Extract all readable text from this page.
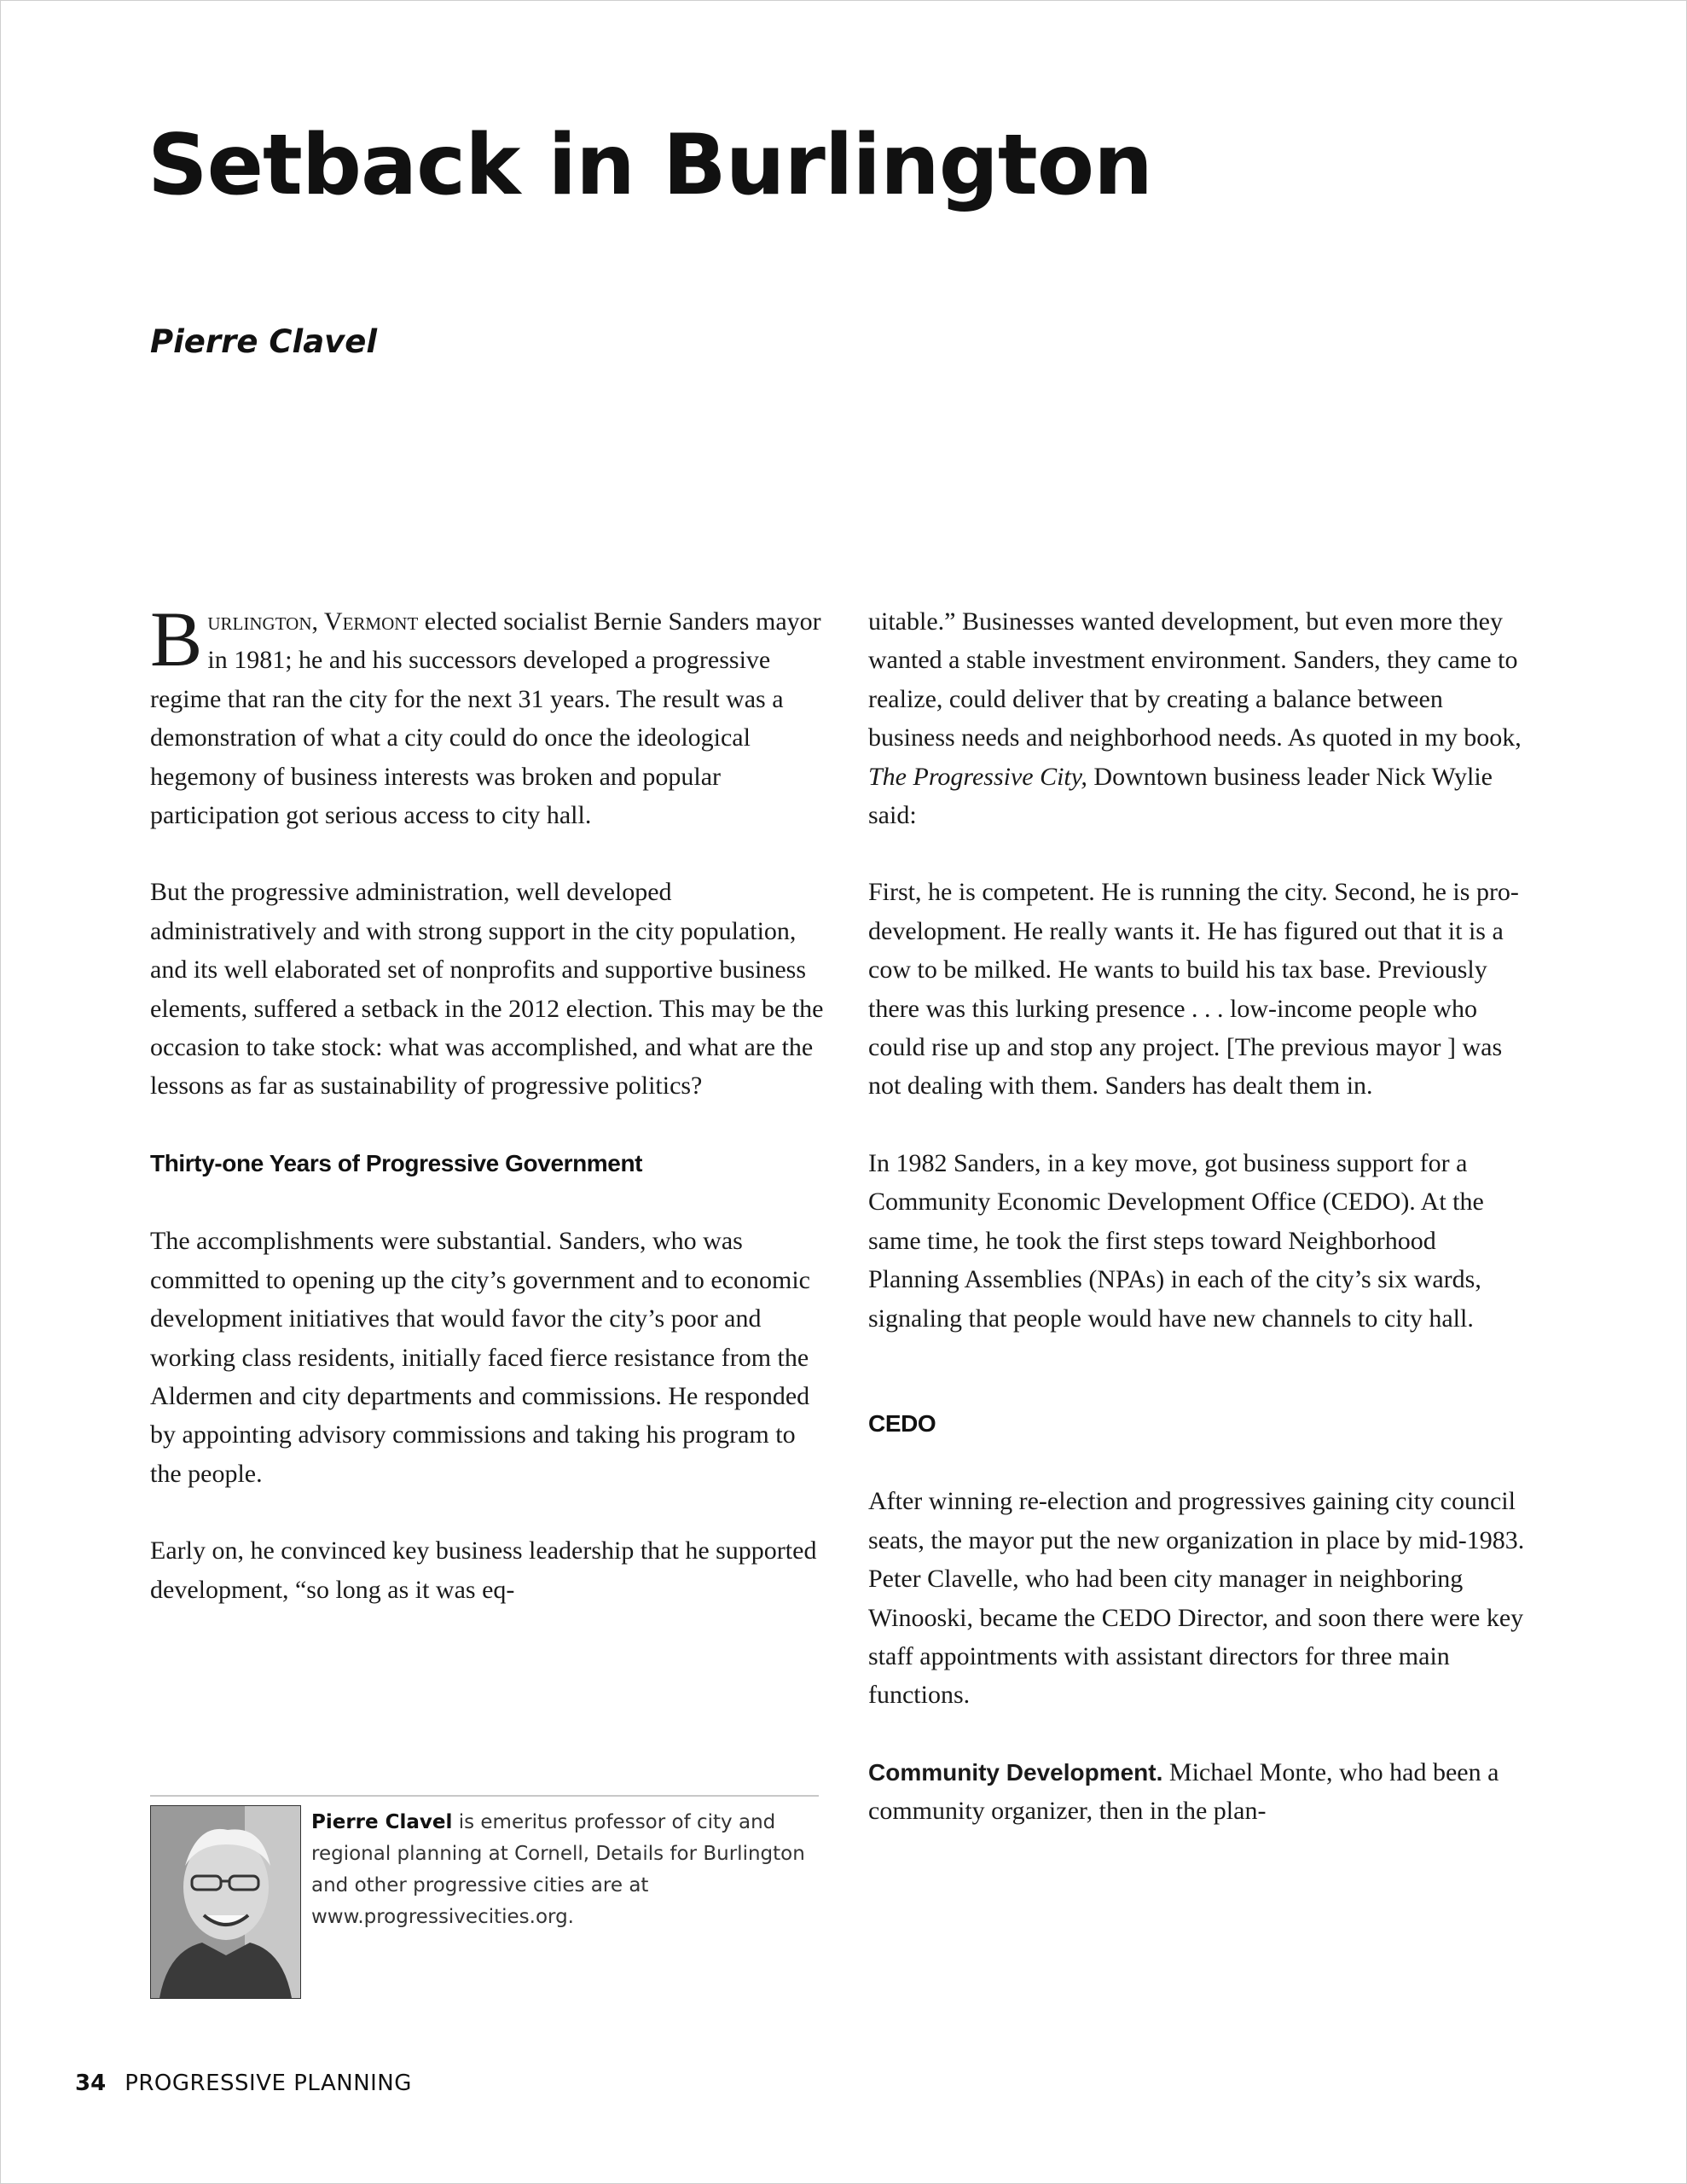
Setback in Burlington
Pierre Clavel

Burlington, Vermont elected socialist Bernie Sanders mayor in 1981; he and his successors developed a progressive regime that ran the city for the next 31 years. The result was a demonstration of what a city could do once the ideological hegemony of business interests was broken and popular participation got serious access to city hall.

But the progressive administration, well developed administratively and with strong support in the city population, and its well elaborated set of nonprofits and supportive business elements, suffered a setback in the 2012 election. This may be the occasion to take stock: what was accomplished, and what are the lessons as far as sustainability of progressive politics?

Thirty-one Years of Progressive Government

The accomplishments were substantial. Sanders, who was committed to opening up the city’s government and to economic development initiatives that would favor the city’s poor and working class residents, initially faced fierce resistance from the Aldermen and city departments and commissions. He responded by appointing advisory commissions and taking his program to the people.

Early on, he convinced key business leadership that he supported development, “so long as it was eq-

uitable.” Businesses wanted development, but even more they wanted a stable investment environment. Sanders, they came to realize, could deliver that by creating a balance between business needs and neighborhood needs. As quoted in my book, The Progressive City, Downtown business leader Nick Wylie said:

First, he is competent. He is running the city. Second, he is pro-development. He really wants it. He has figured out that it is a cow to be milked. He wants to build his tax base. Previously there was this lurking presence . . . low-income people who could rise up and stop any project. [The previous mayor ] was not dealing with them. Sanders has dealt them in.

In 1982 Sanders, in a key move, got business support for a Community Economic Development Office (CEDO). At the same time, he took the first steps toward Neighborhood Planning Assemblies (NPAs) in each of the city’s six wards, signaling that people would have new channels to city hall.

CEDO

After winning re-election and progressives gaining city council seats, the mayor put the new organization in place by mid-1983. Peter Clavelle, who had been city manager in neighboring Winooski, became the CEDO Director, and soon there were key staff appointments with assistant directors for three main functions.

Community Development. Michael Monte, who had been a community organizer, then in the plan-

Pierre Clavel is emeritus professor of city and regional planning at Cornell, Details for Burlington and other progressive cities are at www.progressivecities.org.
34 PROGRESSIVE PLANNING
